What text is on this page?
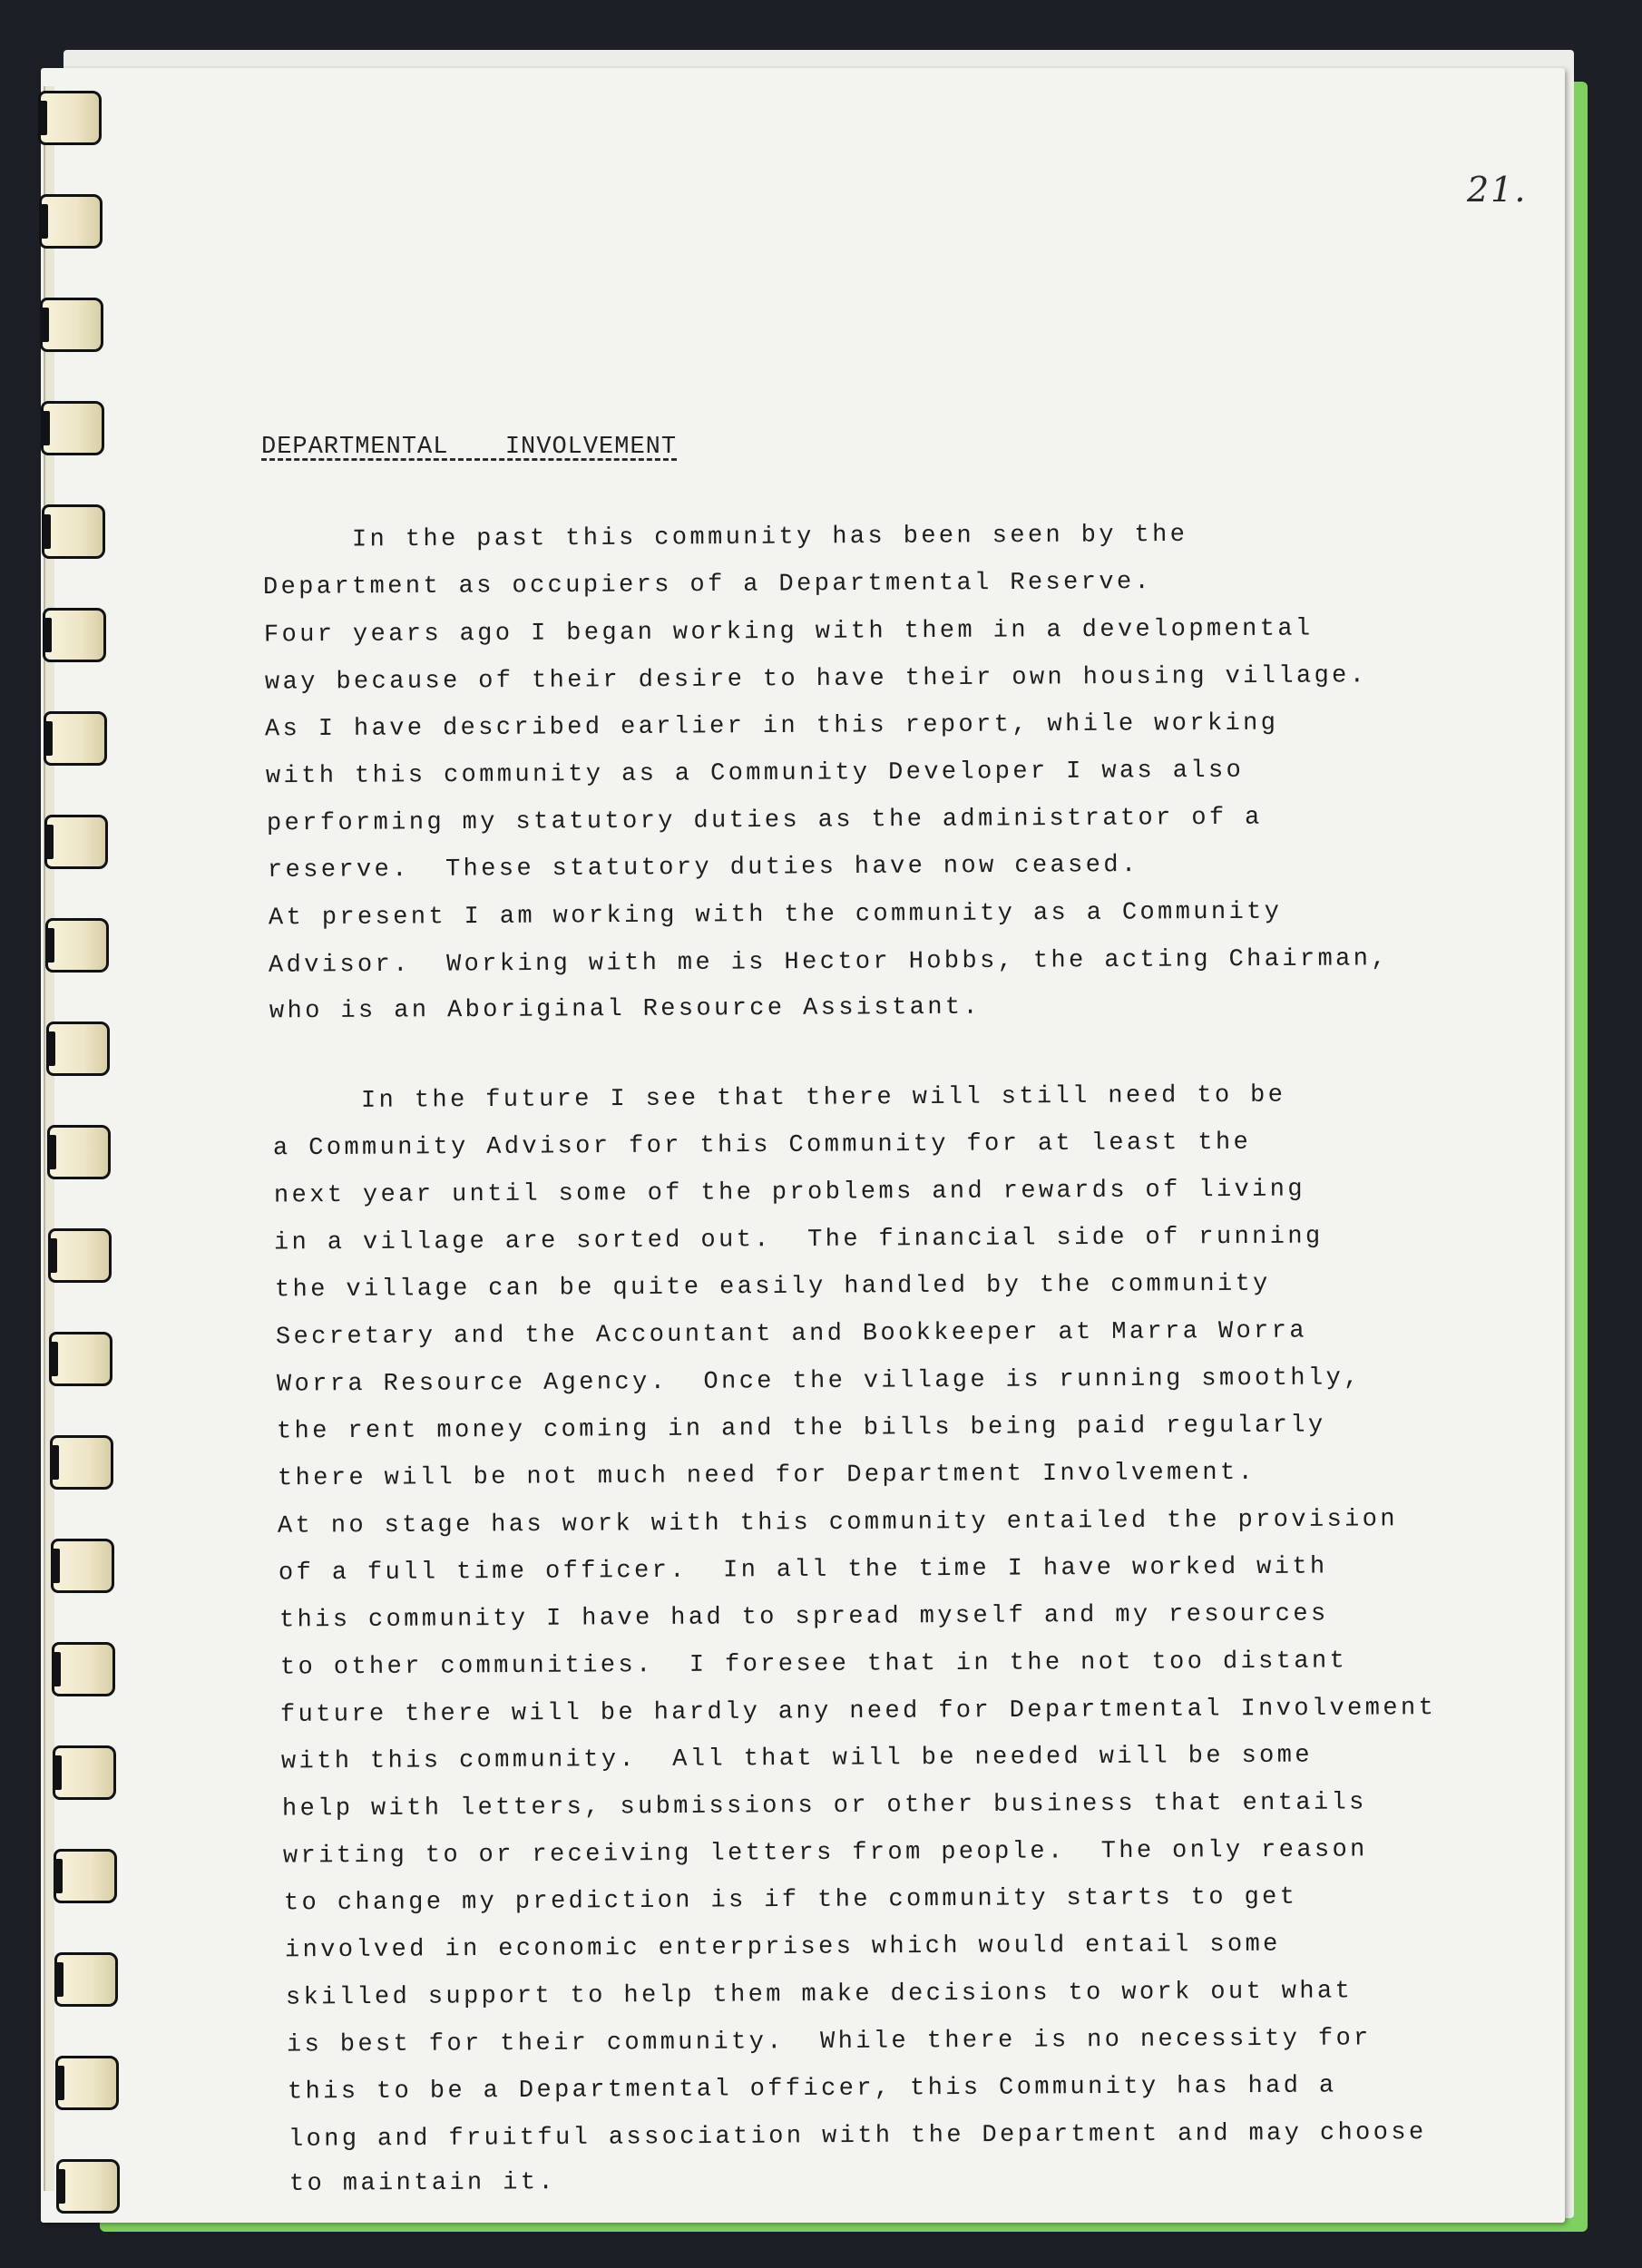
21.
DEPARTMENTAL  INVOLVEMENT
In the past this community has been seen by the
Department as occupiers of a Departmental Reserve.
Four years ago I began working with them in a developmental
way because of their desire to have their own housing village.
As I have described earlier in this report, while working
with this community as a Community Developer I was also
performing my statutory duties as the administrator of a
reserve.  These statutory duties have now ceased.
At present I am working with the community as a Community
Advisor.  Working with me is Hector Hobbs, the acting Chairman,
who is an Aboriginal Resource Assistant.
In the future I see that there will still need to be
a Community Advisor for this Community for at least the
next year until some of the problems and rewards of living
in a village are sorted out.  The financial side of running
the village can be quite easily handled by the community
Secretary and the Accountant and Bookkeeper at Marra Worra
Worra Resource Agency.  Once the village is running smoothly,
the rent money coming in and the bills being paid regularly
there will be not much need for Department Involvement.
At no stage has work with this community entailed the provision
of a full time officer.  In all the time I have worked with
this community I have had to spread myself and my resources
to other communities.  I foresee that in the not too distant
future there will be hardly any need for Departmental Involvement
with this community.  All that will be needed will be some
help with letters, submissions or other business that entails
writing to or receiving letters from people.  The only reason
to change my prediction is if the community starts to get
involved in economic enterprises which would entail some
skilled support to help them make decisions to work out what
is best for their community.  While there is no necessity for
this to be a Departmental officer, this Community has had a
long and fruitful association with the Department and may choose
to maintain it.
